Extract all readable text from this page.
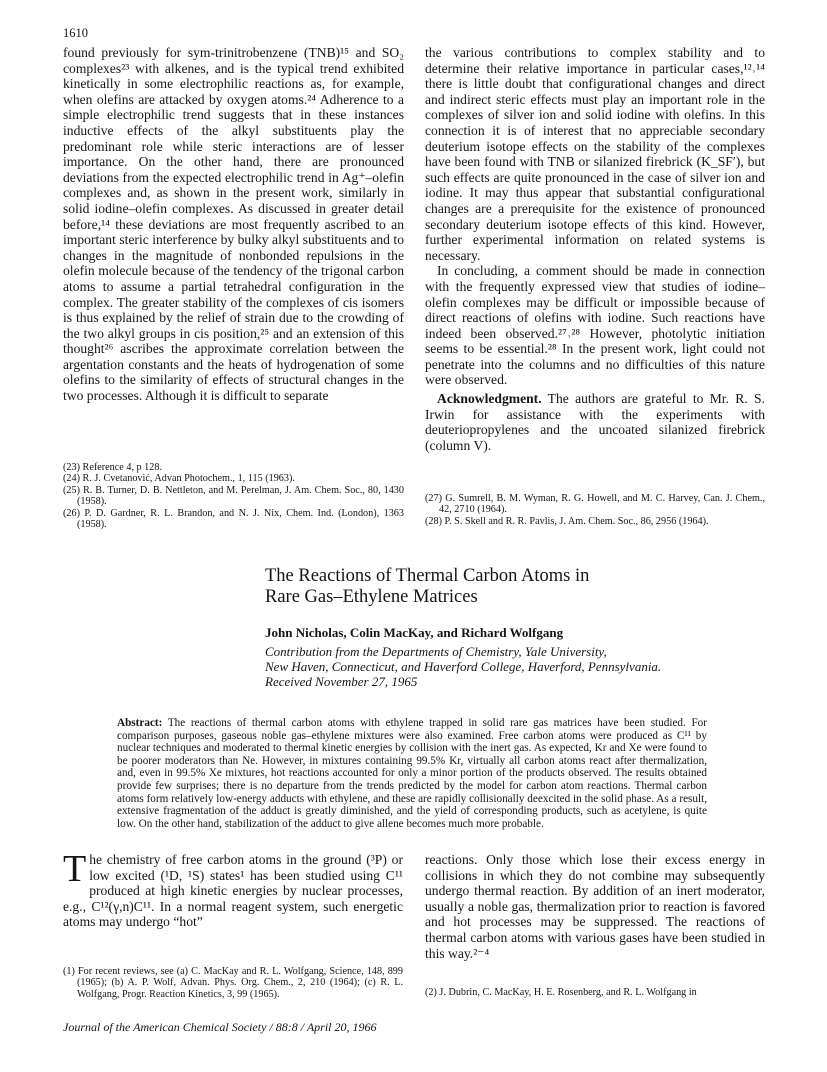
1610

found previously for sym-trinitrobenzene (TNB)¹⁵ and SO₂ complexes²³ with alkenes, and is the typical trend exhibited kinetically in some electrophilic reactions as, for example, when olefins are attacked by oxygen atoms.²⁴ Adherence to a simple electrophilic trend suggests that in these instances inductive effects of the alkyl substituents play the predominant role while steric interactions are of lesser importance. On the other hand, there are pronounced deviations from the expected electrophilic trend in Ag⁺–olefin complexes and, as shown in the present work, similarly in solid iodine–olefin complexes. As discussed in greater detail before,¹⁴ these deviations are most frequently ascribed to an important steric interference by bulky alkyl substituents and to changes in the magnitude of nonbonded repulsions in the olefin molecule because of the tendency of the trigonal carbon atoms to assume a partial tetrahedral configuration in the complex. The greater stability of the complexes of cis isomers is thus explained by the relief of strain due to the crowding of the two alkyl groups in cis position,²⁵ and an extension of this thought²⁶ ascribes the approximate correlation between the argentation constants and the heats of hydrogenation of some olefins to the similarity of effects of structural changes in the two processes. Although it is difficult to separate

(23) Reference 4, p 128.

(24) R. J. Cvetanović, Advan Photochem., 1, 115 (1963).

(25) R. B. Turner, D. B. Nettleton, and M. Perelman, J. Am. Chem. Soc., 80, 1430 (1958).

(26) P. D. Gardner, R. L. Brandon, and N. J. Nix, Chem. Ind. (London), 1363 (1958).

the various contributions to complex stability and to determine their relative importance in particular cases,¹²˒¹⁴ there is little doubt that configurational changes and direct and indirect steric effects must play an important role in the complexes of silver ion and solid iodine with olefins. In this connection it is of interest that no appreciable secondary deuterium isotope effects on the stability of the complexes have been found with TNB or silanized firebrick (K_SF′), but such effects are quite pronounced in the case of silver ion and iodine. It may thus appear that substantial configurational changes are a prerequisite for the existence of pronounced secondary deuterium isotope effects of this kind. However, further experimental information on related systems is necessary.

In concluding, a comment should be made in connection with the frequently expressed view that studies of iodine–olefin complexes may be difficult or impossible because of direct reactions of olefins with iodine. Such reactions have indeed been observed.²⁷˒²⁸ However, photolytic initiation seems to be essential.²⁸ In the present work, light could not penetrate into the columns and no difficulties of this nature were observed.

Acknowledgment. The authors are grateful to Mr. R. S. Irwin for assistance with the experiments with deuteriopropylenes and the uncoated silanized firebrick (column V).

(27) G. Sumrell, B. M. Wyman, R. G. Howell, and M. C. Harvey, Can. J. Chem., 42, 2710 (1964).

(28) P. S. Skell and R. R. Pavlis, J. Am. Chem. Soc., 86, 2956 (1964).

The Reactions of Thermal Carbon Atoms in
Rare Gas–Ethylene Matrices
John Nicholas, Colin MacKay, and Richard Wolfgang
Contribution from the Departments of Chemistry, Yale University,
New Haven, Connecticut, and Haverford College, Haverford, Pennsylvania.
Received November 27, 1965
Abstract: The reactions of thermal carbon atoms with ethylene trapped in solid rare gas matrices have been studied. For comparison purposes, gaseous noble gas–ethylene mixtures were also examined. Free carbon atoms were produced as C¹¹ by nuclear techniques and moderated to thermal kinetic energies by collision with the inert gas. As expected, Kr and Xe were found to be poorer moderators than Ne. However, in mixtures containing 99.5% Kr, virtually all carbon atoms react after thermalization, and, even in 99.5% Xe mixtures, hot reactions accounted for only a minor portion of the products observed. The results obtained provide few surprises; there is no departure from the trends predicted by the model for carbon atom reactions. Thermal carbon atoms form relatively low-energy adducts with ethylene, and these are rapidly collisionally deexcited in the solid phase. As a result, extensive fragmentation of the adduct is greatly diminished, and the yield of corresponding products, such as acetylene, is quite low. On the other hand, stabilization of the adduct to give allene becomes much more probable.
The chemistry of free carbon atoms in the ground (³P) or low excited (¹D, ¹S) states¹ has been studied using C¹¹ produced at high kinetic energies by nuclear processes, e.g., C¹²(γ,n)C¹¹. In a normal reagent system, such energetic atoms may undergo “hot”

(1) For recent reviews, see (a) C. MacKay and R. L. Wolfgang, Science, 148, 899 (1965); (b) A. P. Wolf, Advan. Phys. Org. Chem., 2, 210 (1964); (c) R. L. Wolfgang, Progr. Reaction Kinetics, 3, 99 (1965).

reactions. Only those which lose their excess energy in collisions in which they do not combine may subsequently undergo thermal reaction. By addition of an inert moderator, usually a noble gas, thermalization prior to reaction is favored and hot processes may be suppressed. The reactions of thermal carbon atoms with various gases have been studied in this way.²⁻⁴

(2) J. Dubrin, C. MacKay, H. E. Rosenberg, and R. L. Wolfgang in

Journal of the American Chemical Society / 88:8 / April 20, 1966
